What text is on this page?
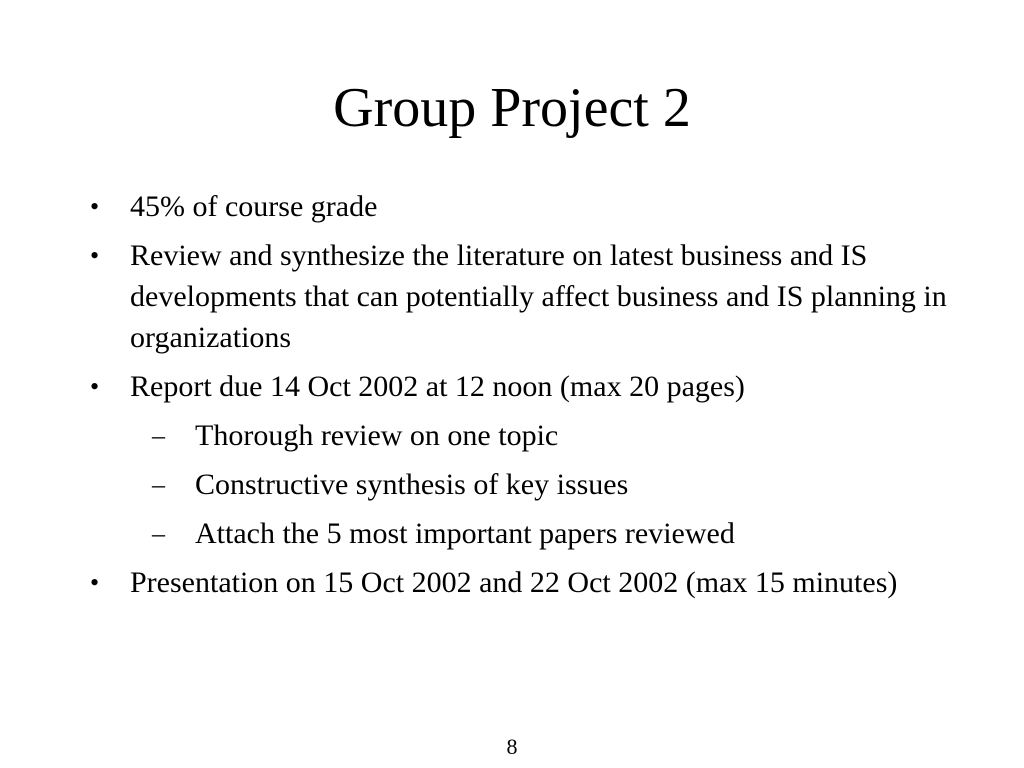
Group Project 2
•	45% of course grade
•	Review and synthesize the literature on latest business and IS developments that can potentially affect business and IS planning in organizations
•	Report due 14 Oct 2002 at 12 noon (max 20 pages)
–	Thorough review on one topic
–	Constructive synthesis of key issues
–	Attach the 5 most important papers reviewed
•	Presentation on 15 Oct 2002 and 22 Oct 2002 (max 15 minutes)
8
